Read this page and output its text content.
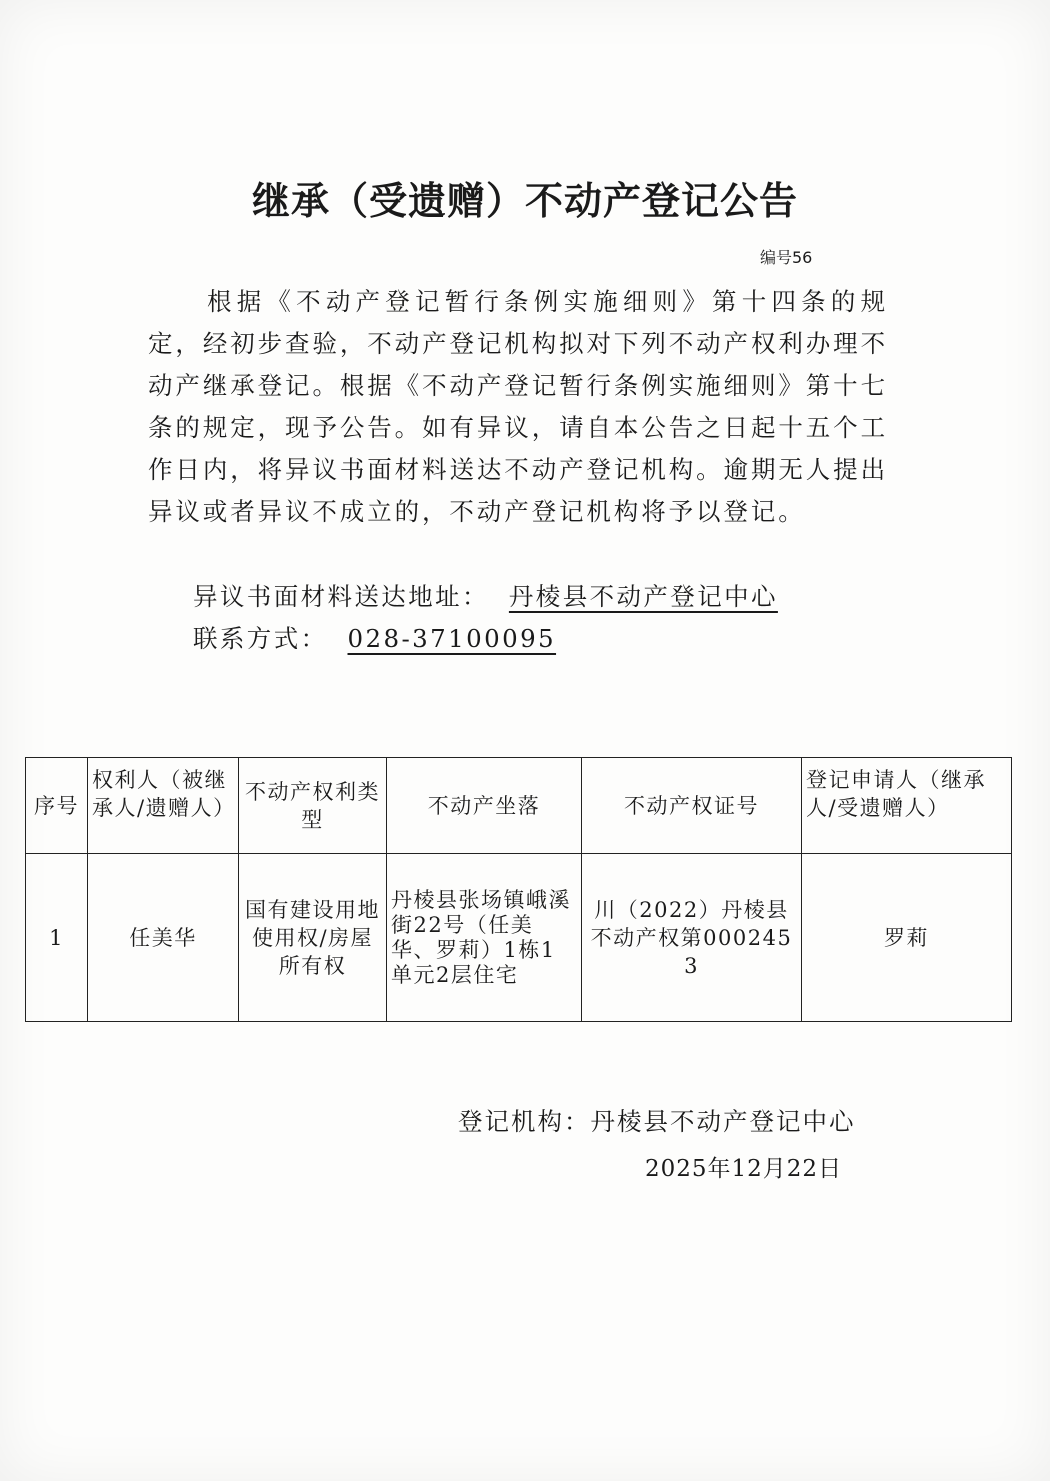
继承（受遗赠）不动产登记公告
编号56

根据《不动产登记暂行条例实施细则》第十四条的规定，经初步查验，不动产登记机构拟对下列不动产权利办理不动产继承登记。根据《不动产登记暂行条例实施细则》第十七条的规定，现予公告。如有异议，请自本公告之日起十五个工作日内，将异议书面材料送达不动产登记机构。逾期无人提出异议或者异议不成立的，不动产登记机构将予以登记。

异议书面材料送达地址： 丹棱县不动产登记中心
联系方式： 028-37100095
序号	权利人（被继承人/遗赠人）	不动产权利类型	不动产坐落	不动产权证号	登记申请人（继承人/受遗赠人）
1	任美华	国有建设用地使用权/房屋所有权	丹棱县张场镇峨溪街22号（任美华、罗莉）1栋1单元2层住宅	川（2022）丹棱县不动产权第0002453	罗莉
登记机构：丹棱县不动产登记中心
2025年12月22日
